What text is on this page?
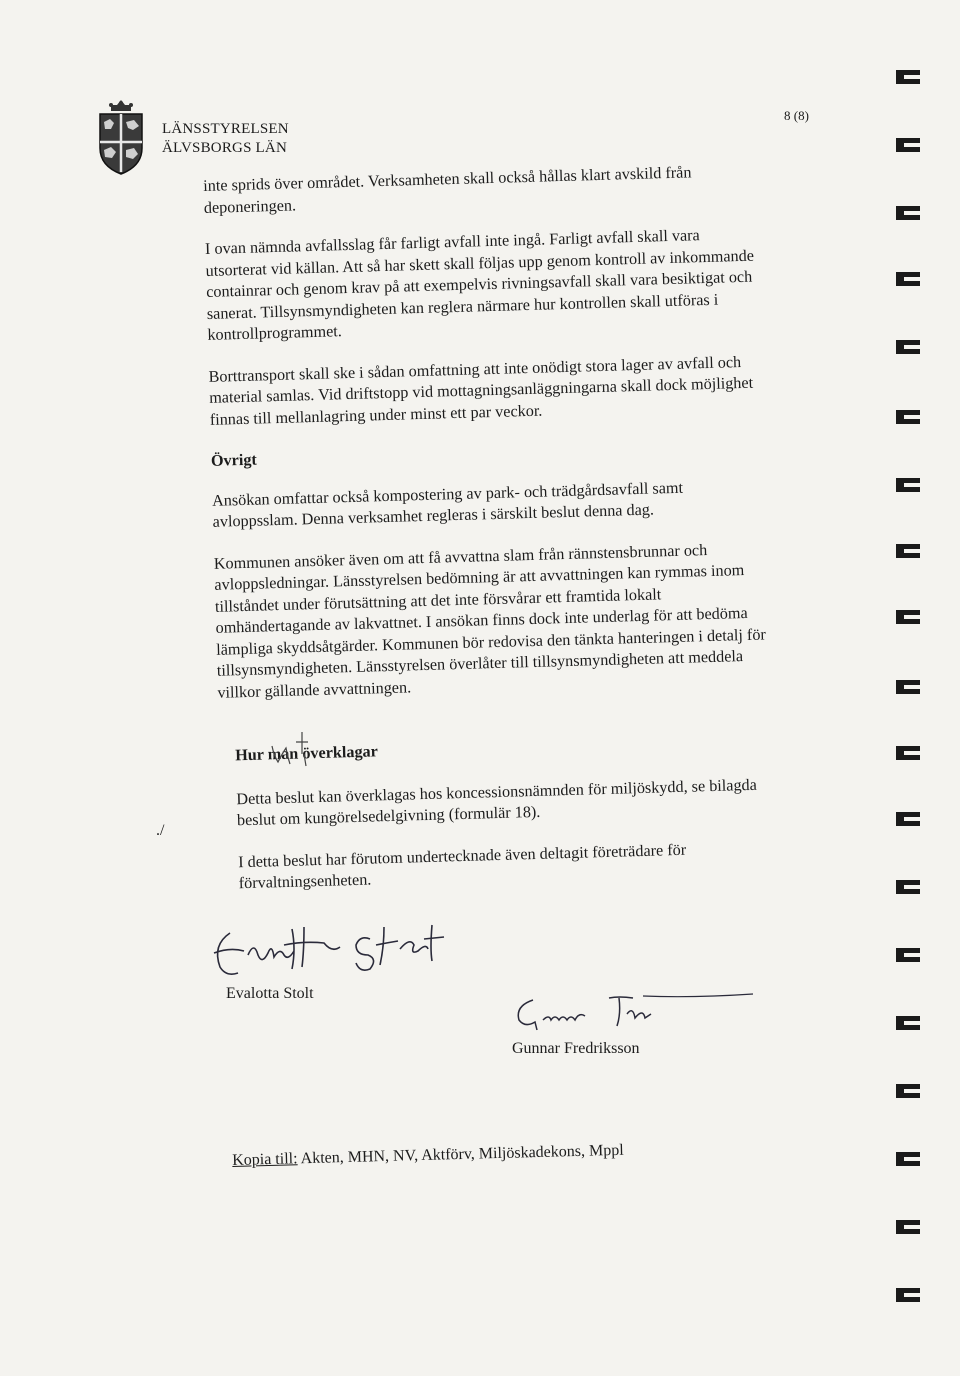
LÄNSSTYRELSEN
ÄLVSBORGS LÄN
8 (8)

inte sprids över området. Verksamheten skall också hållas klart avskild från deponeringen.

I ovan nämnda avfallsslag får farligt avfall inte ingå. Farligt avfall skall vara utsorterat vid källan. Att så har skett skall följas upp genom kontroll av inkommande containrar och genom krav på att exempelvis rivningsavfall skall vara besiktigat och sanerat. Tillsynsmyndigheten kan reglera närmare hur kontrollen skall utföras i kontrollprogrammet.

Borttransport skall ske i sådan omfattning att inte onödigt stora lager av avfall och material samlas. Vid driftstopp vid mottagningsanläggningarna skall dock möjlighet finnas till mellanlagring under minst ett par veckor.

Övrigt

Ansökan omfattar också kompostering av park- och trädgårdsavfall samt avloppsslam. Denna verksamhet regleras i särskilt beslut denna dag.

Kommunen ansöker även om att få avvattna slam från rännstensbrunnar och avloppsledningar. Länsstyrelsen bedömning är att avvattningen kan rymmas inom tillståndet under förutsättning att det inte försvårar ett framtida lokalt omhändertagande av lakvattnet. I ansökan finns dock inte underlag för att bedöma lämpliga skyddsåtgärder. Kommunen bör redovisa den tänkta hanteringen i detalj för tillsynsmyndigheten. Länsstyrelsen överlåter till tillsynsmyndigheten att meddela villkor gällande avvattningen.

Hur man överklagar

Detta beslut kan överklagas hos koncessionsnämnden för miljöskydd, se bilagda beslut om kungörelsedelgivning (formulär 18).

I detta beslut har förutom undertecknade även deltagit företrädare för förvaltningsenheten.

./
Evalotta Stolt
Gunnar Fredriksson
Kopia till: Akten, MHN, NV, Aktförv, Miljöskadekons, Mppl
